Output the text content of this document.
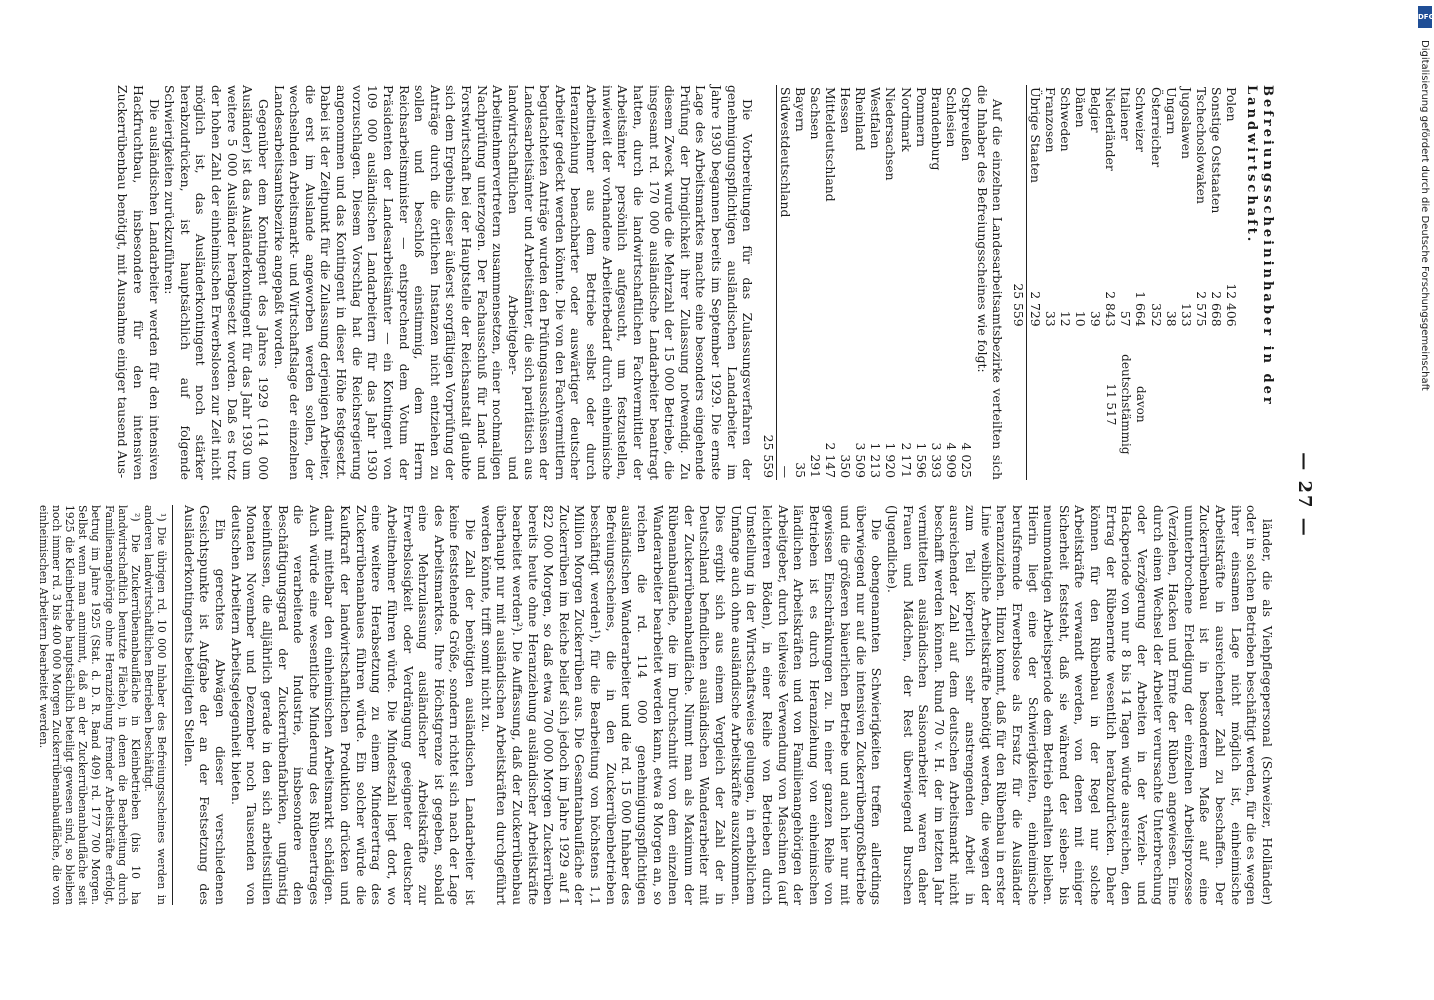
— 27 —
Befreiungsscheininhaber in der Landwirtschaft.
Polen	12 406	
Sonstige Oststaaten	2 668	
Tschechoslowaken	2 575	
Jugoslawen	133	
Ungarn	38	
Österreicher	352	
Schweizer	1 664	davon

Italiener	57	deutschstämmig

Niederländer	2 843	11 517

Belgier	39	
Dänen	10	
Schweden	12	
Franzosen	33	
Übrige Staaten	2 729	
	25 559	

Auf die einzelnen Landesarbeitsamtsbezirke verteilten sich die Inhaber des Befreiungsscheines wie folgt:

Ostpreußen		4 025
Schlesien		4 909
Brandenburg		3 393
Pommern		1 596
Nordmark		2 171
Niedersachsen		1 920
Westfalen		1 213
Rheinland		3 509
Hessen		350
Mitteldeutschland		2 147
Sachsen		291
Bayern		35
Südwestdeutschland		—
		25 559

Die Vorbereitungen für das Zulassungsverfahren der genehmigungspflichtigen ausländischen Landarbeiter im Jahre 1930 begannen bereits im September 1929. Die ernste Lage des Arbeitsmarktes machte eine besonders eingehende Prüfung der Dringlichkeit ihrer Zulassung notwendig. Zu diesem Zweck wurde die Mehrzahl der 15 000 Betriebe, die insgesamt rd. 170 000 ausländische Landarbeiter beantragt hatten, durch die landwirtschaftlichen Fachvermittler der Arbeitsämter persönlich aufgesucht, um festzustellen, inwieweit der vorhandene Arbeiterbedarf durch einheimische Arbeitnehmer aus dem Betriebe selbst oder durch Heranziehung benachbarter oder auswärtiger deutscher Arbeiter gedeckt werden könnte. Die von den Fachvermittlern begutachteten Anträge wurden den Prüfungsausschüssen der Landesarbeitsämter und Arbeitsämter, die sich paritätisch aus landwirtschaftlichen Arbeitgeber- und Arbeitnehmervertretern zusammensetzen, einer nochmaligen Nachprüfung unterzogen. Der Fachausschuß für Land- und Forstwirtschaft bei der Hauptstelle der Reichsanstalt glaubte sich dem Ergebnis dieser äußerst sorgfältigen Vorprüfung der Anträge durch die örtlichen Instanzen nicht entziehen zu sollen und beschloß einstimmig, dem Herrn Reichsarbeitsminister — entsprechend dem Votum der Präsidenten der Landesarbeitsämter — ein Kontingent von 109 000 ausländischen Landarbeitern für das Jahr 1930 vorzuschlagen. Diesem Vorschlag hat die Reichsregierung angenommen und das Kontingent in dieser Höhe festgesetzt. Dabei ist der Zeitpunkt für die Zulassung derjenigen Arbeiter, die erst im Auslande angeworben werden sollen, der wechselnden Arbeitsmarkt- und Wirtschaftslage der einzelnen Landesarbeitsamtsbezirke angepaßt worden.

Gegenüber dem Kontingent des Jahres 1929 (114 000 Ausländer) ist das Ausländerkontingent für das Jahr 1930 um weitere 5 000 Ausländer herabgesetzt worden. Daß es trotz der hohen Zahl der einheimischen Erwerbslosen zur Zeit nicht möglich ist, das Ausländerkontingent noch stärker herabzudrücken, ist hauptsächlich auf folgende Schwierigkeiten zurückzuführen:

Die ausländischen Landarbeiter werden für den intensiven Hackfruchtbau, insbesondere für den intensiven Zuckerrübenbau benötigt, mit Ausnahme einiger tausend Aus-

länder, die als Viehpflegepersonal (Schweizer, Holländer) oder in solchen Betrieben beschäftigt werden, für die es wegen ihrer einsamen Lage nicht möglich ist, einheimische Arbeitskräfte in ausreichender Zahl zu beschaffen. Der Zuckerrübenbau ist in besonderem Maße auf eine ununterbrochene Erledigung der einzelnen Arbeitsprozesse (Verziehen, Hacken und Ernte der Rüben) angewiesen. Eine durch einen Wechsel der Arbeiter verursachte Unterbrechung oder Verzögerung der Arbeiten in der Verzieh- und Hackperiode von nur 8 bis 14 Tagen würde ausreichen, den Ertrag der Rübenernte wesentlich herabzudrücken. Daher können für den Rübenbau in der Regel nur solche Arbeitskräfte verwandt werden, von denen mit einiger Sicherheit feststeht, daß sie während der sieben- bis neunmonatigen Arbeitsperiode dem Betrieb erhalten bleiben. Hierin liegt eine der Schwierigkeiten, einheimische berufsfremde Erwerbslose als Ersatz für die Ausländer heranzuziehen. Hinzu kommt, daß für den Rübenbau in erster Linie weibliche Arbeitskräfte benötigt werden, die wegen der zum Teil körperlich sehr anstrengenden Arbeit in ausreichender Zahl auf dem deutschen Arbeitsmarkt nicht beschafft werden können. Rund 70 v. H. der im letzten Jahr vermittelten ausländischen Saisonarbeiter waren daher Frauen und Mädchen, der Rest überwiegend Burschen (Jugendliche).

Die obengenannten Schwierigkeiten treffen allerdings überwiegend nur auf die intensiven Zuckerrübengroßbetriebe und die größeren bäuerlichen Betriebe und auch hier nur mit gewissen Einschränkungen zu. In einer ganzen Reihe von Betrieben ist es durch Heranziehung von einheimischen ländlichen Arbeitskräften und von Familienangehörigen der Arbeitgeber, durch teilweise Verwendung von Maschinen (auf leichteren Böden), in einer Reihe von Betrieben durch Umstellung in der Wirtschaftsweise gelungen, in erheblichem Umfange auch ohne ausländische Arbeitskräfte auszukommen. Dies ergibt sich aus einem Vergleich der Zahl der in Deutschland befindlichen ausländischen Wanderarbeiter mit der Zuckerrübenanbaufläche. Nimmt man als Maximum der Rübenanbaufläche, die im Durchschnitt von dem einzelnen Wanderarbeiter bearbeitet werden kann, etwa 8 Morgen an, so reichen die rd. 114 000 genehmigungspflichtigen ausländischen Wanderarbeiter und die rd. 15 000 Inhaber des Befreiungsscheines, die in den Zuckerrübenbetrieben beschäftigt werden¹), für die Bearbeitung von höchstens 1,1 Million Morgen Zuckerrüben aus. Die Gesamtanbaufläche der Zuckerrüben im Reiche belief sich jedoch im Jahre 1929 auf 1 822 000 Morgen, so daß etwa 700 000 Morgen Zuckerrüben bereits heute ohne Heranziehung ausländischer Arbeitskräfte bearbeitet werden²). Die Auffassung, daß der Zuckerrübenbau überhaupt nur mit ausländischen Arbeitskräften durchgeführt werden könnte, trifft somit nicht zu.

Die Zahl der benötigten ausländischen Landarbeiter ist keine feststehende Größe, sondern richtet sich nach der Lage des Arbeitsmarktes. Ihre Höchstgrenze ist gegeben, sobald eine Mehrzulassung ausländischer Arbeitskräfte zur Erwerbslosigkeit oder Verdrängung geeigneter deutscher Arbeitnehmer führen würde. Die Mindestzahl liegt dort, wo eine weitere Herabsetzung zu einem Minderertrag des Zuckerrübenanbaues führen würde. Ein solcher würde die Kaufkraft der landwirtschaftlichen Produktion drücken und damit mittelbar den einheimischen Arbeitsmarkt schädigen. Auch würde eine wesentliche Minderung des Rübenertrages die verarbeitende Industrie, insbesondere den Beschäftigungsgrad der Zuckerrübenfabriken, ungünstig beeinflussen, die alljährlich gerade in den sich arbeitsstillen Monaten November und Dezember noch Tausenden von deutschen Arbeitern Arbeitsgelegenheit bieten.

Ein gerechtes Abwägen dieser verschiedenen Gesichtspunkte ist Aufgabe der an der Festsetzung des Ausländerkontingents beteiligten Stellen.

¹) Die übrigen rd. 10 000 Inhaber des Befreiungsscheines werden in anderen landwirtschaftlichen Betrieben beschäftigt.

²) Die Zuckerrübenanbaufläche in Kleinbetrieben (bis 10 ha landwirtschaftlich benutzte Fläche), in denen die Bearbeitung durch Familienangehörige ohne Heranziehung fremder Arbeitskräfte erfolgt, betrug im Jahre 1925 (Stat. d. D. R. Band 409) rd. 177 700 Morgen. Selbst wenn man annimmt, daß an der Zuckerrübenanbaufläche seit 1925 die Kleinbetriebe hauptsächlich beteiligt gewesen sind, so bleiben noch immer rd. 3 bis 400 000 Morgen Zuckerrübenanbaufläche, die von einheimischen Arbeitern bearbeitet werden.

DFG
Digitalisierung gefördert durch die Deutsche Forschungsgemeinschaft
